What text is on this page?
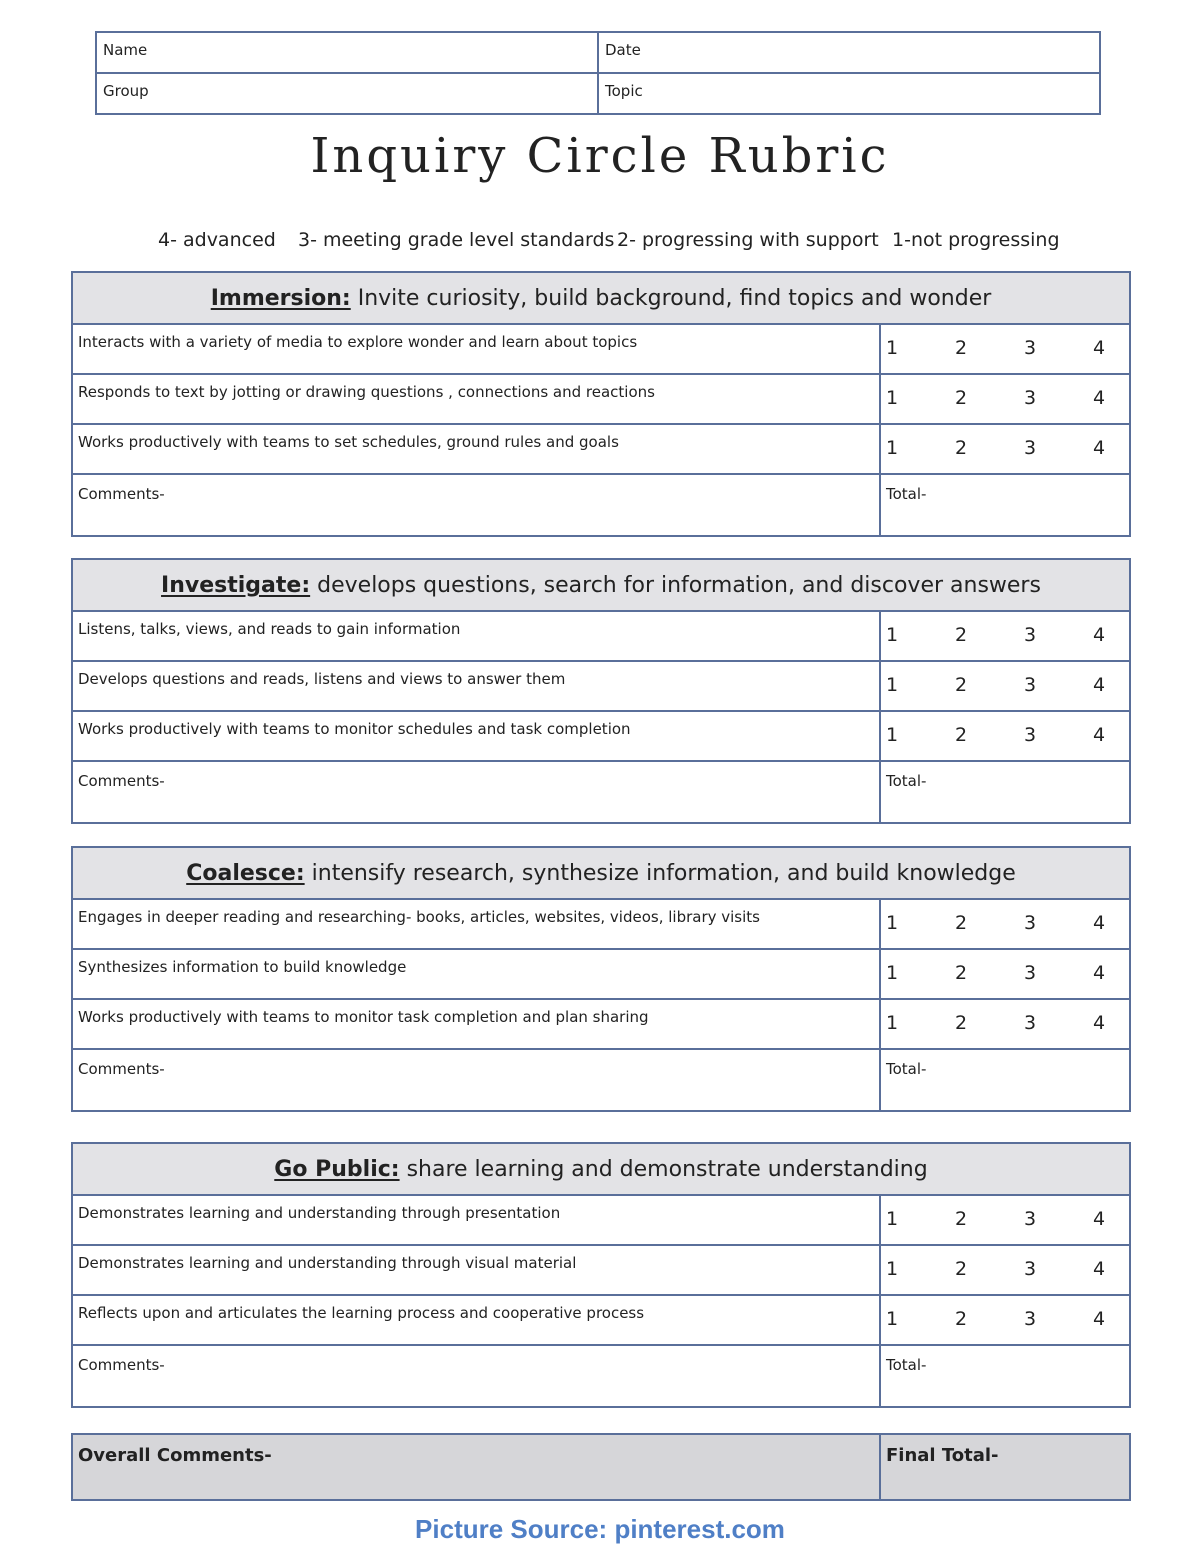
Name	Date
Group	Topic
Inquiry Circle Rubric
4- advanced 3- meeting grade level standards 2- progressing with support 1-not progressing
Immersion: Invite curiosity, build background, find topics and wonder
Interacts with a variety of media to explore wonder and learn about topics	1	2	3	4
Responds to text by jotting or drawing questions , connections and reactions	1	2	3	4
Works productively with teams to set schedules, ground rules and goals	1	2	3	4
Comments-	Total-
Investigate: develops questions, search for information, and discover answers
Listens, talks, views, and reads to gain information	1	2	3	4
Develops questions and reads, listens and views to answer them	1	2	3	4
Works productively with teams to monitor schedules and task completion	1	2	3	4
Comments-	Total-
Coalesce: intensify research, synthesize information, and build knowledge
Engages in deeper reading and researching- books, articles, websites, videos, library visits	1	2	3	4
Synthesizes information to build knowledge	1	2	3	4
Works productively with teams to monitor task completion and plan sharing	1	2	3	4
Comments-	Total-
Go Public: share learning and demonstrate understanding
Demonstrates learning and understanding through presentation	1	2	3	4
Demonstrates learning and understanding through visual material	1	2	3	4
Reflects upon and articulates the learning process and cooperative process	1	2	3	4
Comments-	Total-
Overall Comments-	Final Total-
Picture Source: pinterest.com
